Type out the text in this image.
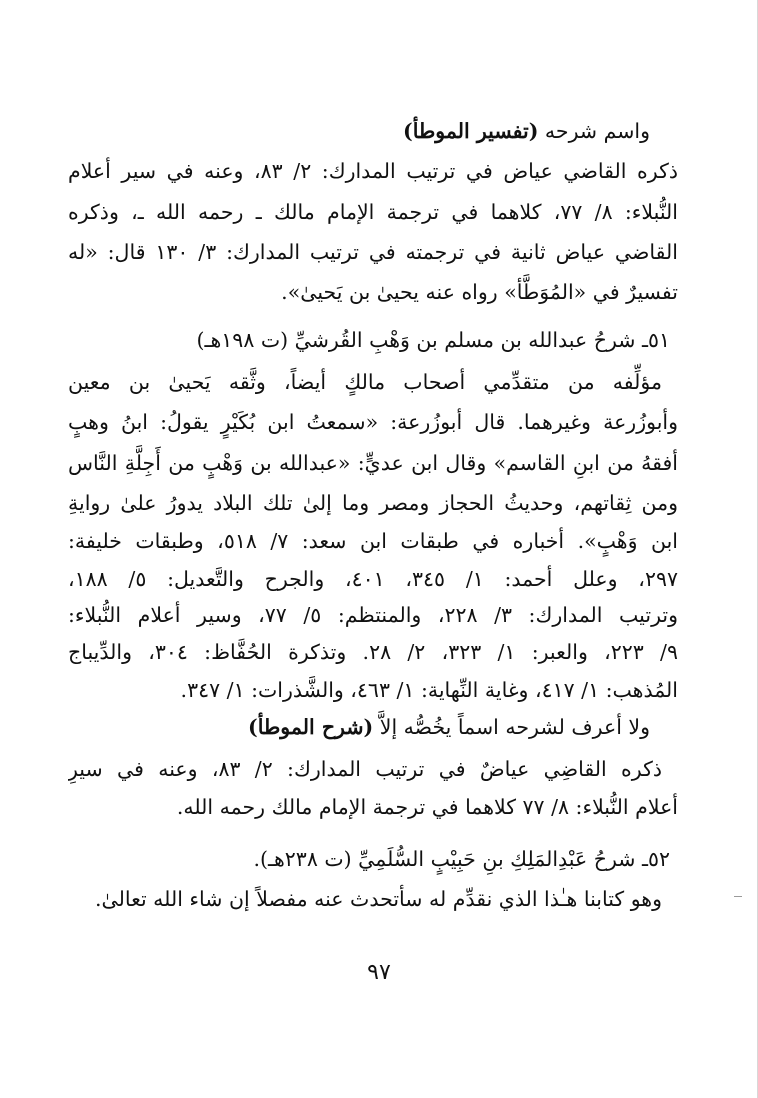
واسم شرحه (تفسير الموطأ)
ذكره القاضي عياض في ترتيب المدارك: ٢/ ٨٣، وعنه في سير أعلام
النُّبلاء: ٨/ ٧٧، كلاهما في ترجمة الإمام مالك ـ رحمه الله ـ، وذكره
القاضي عياض ثانية في ترجمته في ترتيب المدارك: ٣/ ١٣٠ قال: «له
تفسيرٌ في «المُوَطَّأ» رواه عنه يحيىٰ بن يَحيىٰ».
٥١ـ شرحُ عبدالله بن مسلم بن وَهْبِ القُرشيِّ (ت ١٩٨هـ)
مؤلِّفه من متقدِّمي أصحاب مالكٍ أيضاً، وثَّقه يَحيىٰ بن معين
وأبوزُرعة وغيرهما. قال أبوزُرعة: «سمعتُ ابن بُكَيْرٍ يقولُ: ابنُ وهبٍ
أفقهُ من ابنِ القاسم» وقال ابن عديٍّ: «عبدالله بن وَهْبٍ من أَجِلَّةِ النَّاس
ومن ثِقاتهم، وحديثُ الحجاز ومصر وما إلىٰ تلك البلاد يدورُ علىٰ روايةِ
ابن وَهْبٍ». أخباره في طبقات ابن سعد: ٧/ ٥١٨، وطبقات خليفة:
٢٩٧، وعلل أحمد: ١/ ٣٤٥، ٤٠١، والجرح والتَّعديل: ٥/ ١٨٨،
وترتيب المدارك: ٣/ ٢٢٨، والمنتظم: ٥/ ٧٧، وسير أعلام النُّبلاء:
٩/ ٢٢٣، والعبر: ١/ ٣٢٣، ٢/ ٢٨. وتذكرة الحُفَّاظ: ٣٠٤، والدِّيباج
المُذهب: ١/ ٤١٧، وغاية النِّهاية: ١/ ٤٦٣، والشَّذرات: ١/ ٣٤٧.
ولا أعرف لشرحه اسماً يخُصُّه إلاَّ (شرح الموطأ)
ذكره القاضِي عياضٌ في ترتيب المدارك: ٢/ ٨٣، وعنه في سيرِ
أعلام النُّبلاء: ٨/ ٧٧ كلاهما في ترجمة الإمام مالك رحمه الله.
٥٢ـ شرحُ عَبْدِالمَلِكِ بنِ حَبِيْبٍ السُّلَمِيِّ (ت ٢٣٨هـ).
وهو كتابنا هـٰذا الذي نقدِّم له سأتحدث عنه مفصلاً إن شاء الله تعالىٰ.
٩٧
